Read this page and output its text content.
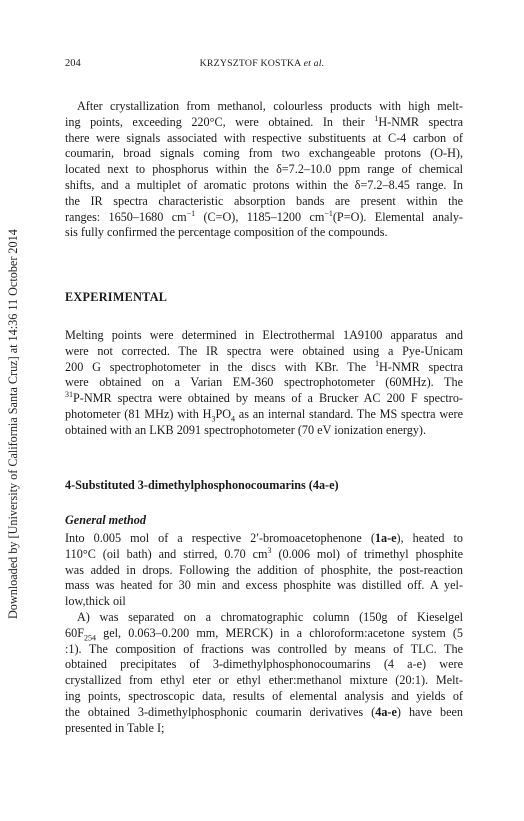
Downloaded by [University of California Santa Cruz] at 14:36 11 October 2014
204	KRZYSZTOF KOSTKA et al.
After crystallization from methanol, colourless products with high melt-
ing points, exceeding 220°C, were obtained. In their $^1$H-NMR spectra
there were signals associated with respective substituents at C-4 carbon of
coumarin, broad signals coming from two exchangeable protons (O-H),
located next to phosphorus within the δ=7.2–10.0 ppm range of chemical
shifts, and a multiplet of aromatic protons within the δ=7.2–8.45 range. In
the IR spectra characteristic absorption bands are present within the
ranges: 1650–1680 $cm^{-1}$ (C=O), 1185–1200 $cm^{-1}(P=O)$. Elemental analy-
sis fully confirmed the percentage composition of the compounds.
EXPERIMENTAL
Melting points were determined in Electrothermal 1A9100 apparatus and
were not corrected. The IR spectra were obtained using a Pye-Unicam
200 G spectrophotometer in the discs with KBr. The $^1$H-NMR spectra
were obtained on a Varian EM-360 spectrophotometer (60MHz). The
$^{31}$P-NMR spectra were obtained by means of a Brucker AC 200 F spectro-
photometer (81 MHz) with $H_3PO_4$ as an internal standard. The MS spectra were
obtained with an LKB 2091 spectrophotometer (70 eV ionization energy).
4-Substituted 3-dimethylphosphonocoumarins (4a-e)
General method
Into 0.005 mol of a respective 2′-bromoacetophenone (1a-e), heated to
110°C (oil bath) and stirred, 0.70 $cm^3$ (0.006 mol) of trimethyl phosphite
was added in drops. Following the addition of phosphite, the post-reaction
mass was heated for 30 min and excess phosphite was distilled off. A yel-
low,thick oil
A) was separated on a chromatographic column (150g of Kieselgel
$60F_{254}$ gel, 0.063–0.200 mm, MERCK) in a chloroform:acetone system (5
:1). The composition of fractions was controlled by means of TLC. The
obtained precipitates of 3-dimethylphosphonocoumarins (4 a-e) were
crystallized from ethyl eter or ethyl ether:methanol mixture (20:1). Melt-
ing points, spectroscopic data, results of elemental analysis and yields of
the obtained 3-dimethylphosphonic coumarin derivatives (4a-e) have been
presented in Table I;
